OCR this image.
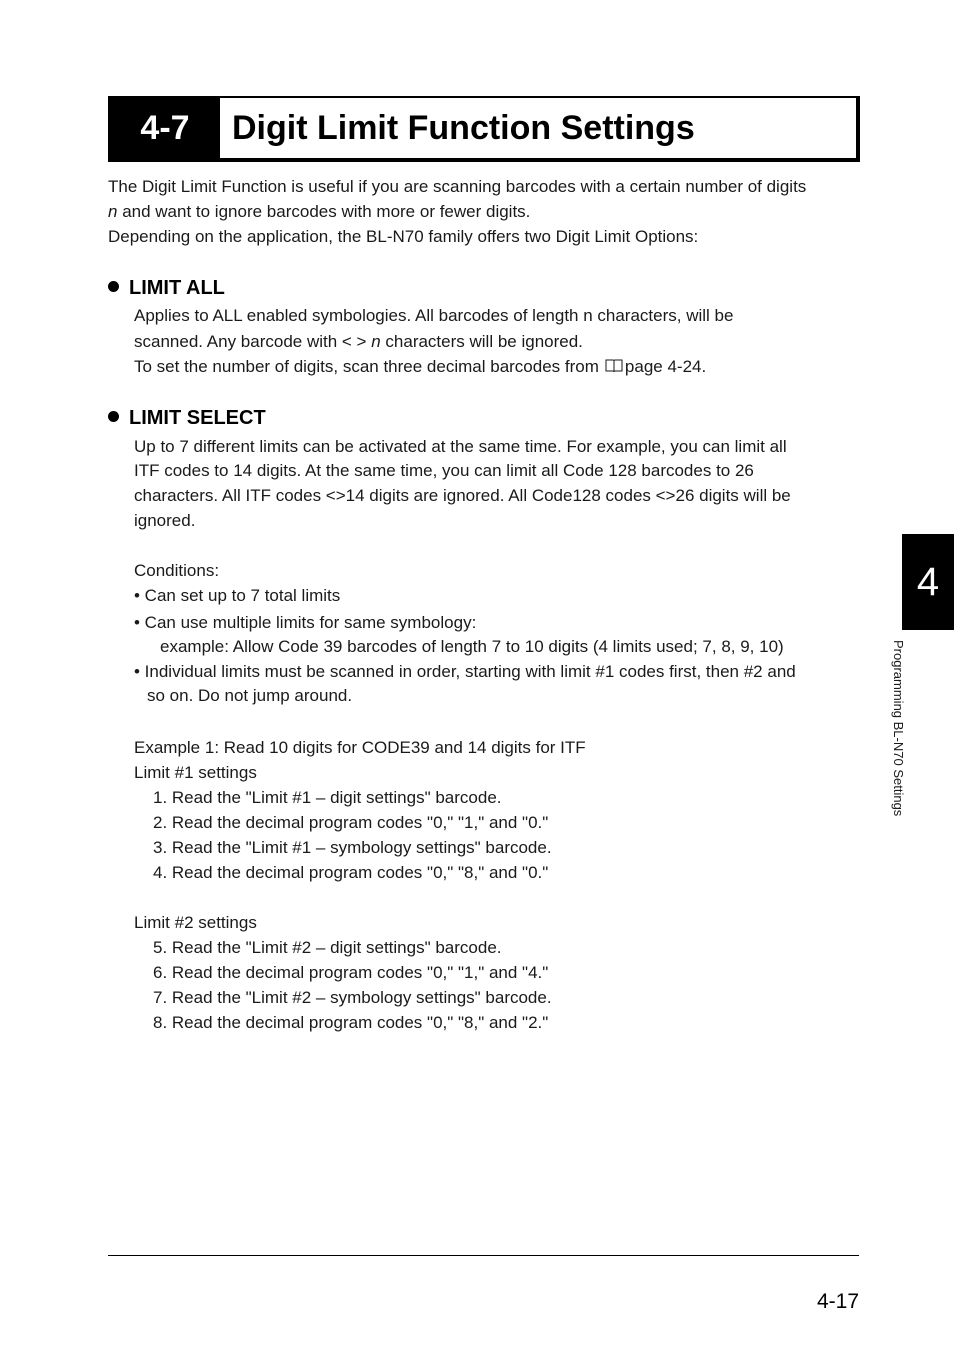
4-7	Digit Limit Function Settings
The Digit Limit Function is useful if you are scanning barcodes with a certain number of digits
n and want to ignore barcodes with more or fewer digits.
Depending on the application, the BL-N70 family offers two Digit Limit Options:
LIMIT ALL
Applies to ALL enabled symbologies. All barcodes of length n characters, will be
scanned. Any barcode with < > n characters will be ignored.
To set the number of digits, scan three decimal barcodes from page 4-24.
LIMIT SELECT
Up to 7 different limits can be activated at the same time. For example, you can limit all
ITF codes to 14 digits. At the same time, you can limit all Code 128 barcodes to 26
characters. All ITF codes <>14 digits are ignored. All Code128 codes <>26 digits will be
ignored.
Conditions:
• Can set up to 7 total limits
• Can use multiple limits for same symbology:
example: Allow Code 39 barcodes of length 7 to 10 digits (4 limits used; 7, 8, 9, 10)
• Individual limits must be scanned in order, starting with limit #1 codes first, then #2 and
so on. Do not jump around.
Example 1: Read 10 digits for CODE39 and 14 digits for ITF
Limit #1 settings
1. Read the "Limit #1 – digit settings" barcode.
2. Read the decimal program codes "0," "1," and "0."
3. Read the "Limit #1 – symbology settings" barcode.
4. Read the decimal program codes "0," "8," and "0."
Limit #2 settings
5. Read the "Limit #2 – digit settings" barcode.
6. Read the decimal program codes "0," "1," and "4."
7. Read the "Limit #2 – symbology settings" barcode.
8. Read the decimal program codes "0," "8," and "2."
4
Programming BL-N70 Settings
4-17
